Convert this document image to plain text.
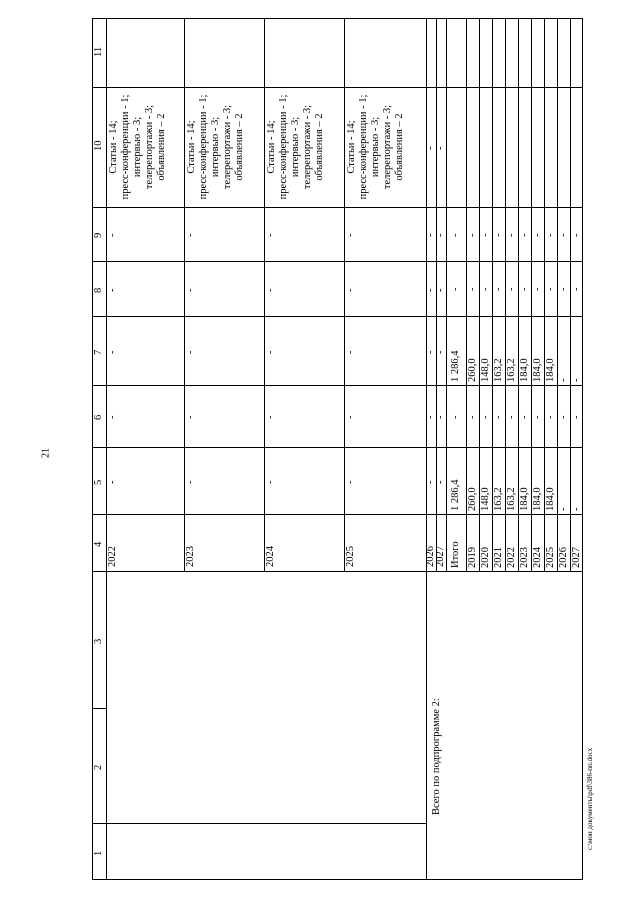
21
c:\мои документы\pdf\386-пп.docx
1
2
3
4
5
6
7
8
9
10
11
2022
-
-
-
-
-
Статьи - 14;
пресс-конференции - 1;
интервью - 3;
телерепортажи - 3;
объявления – 2
2023
-
-
-
-
-
Статьи - 14;
пресс-конференции - 1;
интервью - 3;
телерепортажи - 3;
объявления – 2
2024
-
-
-
-
-
Статьи - 14;
пресс-конференции - 1;
интервью - 3;
телерепортажи - 3;
объявления – 2
2025
-
-
-
-
-
Статьи - 14;
пресс-конференции - 1;
интервью - 3;
телерепортажи - 3;
объявления – 2
2026
-
-
-
-
-
-
2027
-
-
-
-
-
-
Всего по подпрограмме 2:
Итого
1 286,4
-
1 286,4
-
-
2019
260,0
-
260,0
-
-
2020
148,0
-
148,0
-
-
2021
163,2
-
163,2
-
-
2022
163,2
-
163,2
-
-
2023
184,0
-
184,0
-
-
2024
184,0
-
184,0
-
-
2025
184,0
-
184,0
-
-
2026
-
-
-
-
-
2027
-
-
-
-
-
